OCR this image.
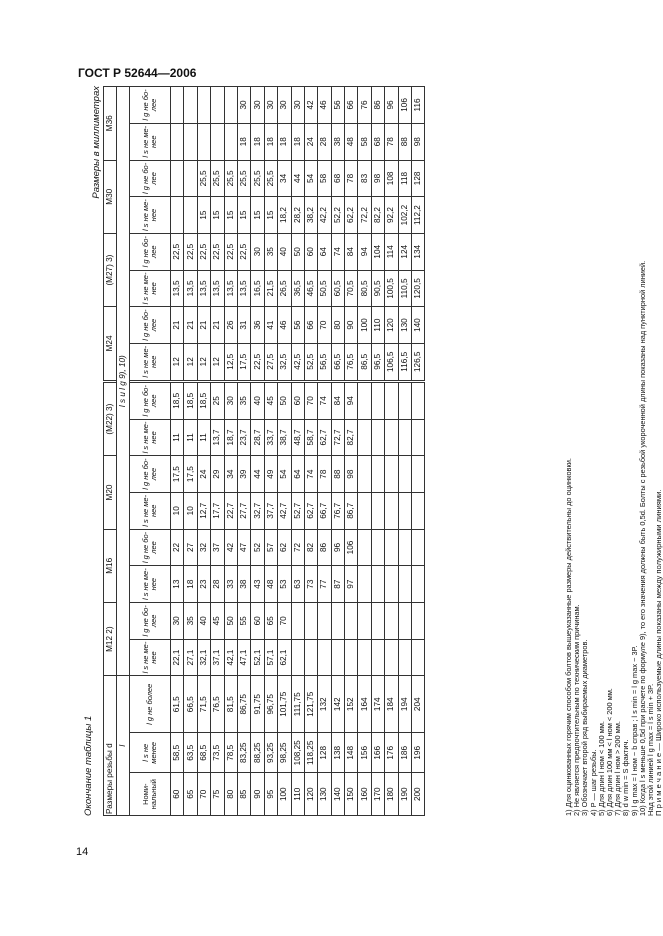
ГОСТ Р 52644—2006
14
Окончание таблицы 1
Размеры в миллиметрах
Размеры резьбы d			M12 2)		M16		M20		(M22) 3)			M24		(M27) 3)		M30		M36	
l			l s и l g 9), 10)																
Номи-нальный	l s не менее	l g не более	l s не ме-нее	l g не бо-лее	l s не ме-нее	l g не бо-лее	l s не ме-нее	l g не бо-лее	l s не ме-нее	l g не бо-лее		l s не ме-нее	l g не бо-лее	l s не ме-нее	l g не бо-лее	l s не ме-нее	l g не бо-лее	l s не ме-нее	l g не бо-лее
60	58,5	61,5	22,1	30	13	22	10	17,5	11	18,5		12	21	13,5	22,5				
65	63,5	66,5	27,1	35	18	27	10	17,5	11	18,5		12	21	13,5	22,5				
70	68,5	71,5	32,1	40	23	32	12,7	24	11	18,5		12	21	13,5	22,5	15	25,5		
75	73,5	76,5	37,1	45	28	37	17,7	29	13,7	25		12	21	13,5	22,5	15	25,5		
80	78,5	81,5	42,1	50	33	42	22,7	34	18,7	30		12,5	26	13,5	22,5	15	25,5		
85	83,25	86,75	47,1	55	38	47	27,7	39	23,7	35		17,5	31	13,5	22,5	15	25,5	18	30
90	88,25	91,75	52,1	60	43	52	32,7	44	28,7	40		22,5	36	16,5	30	15	25,5	18	30
95	93,25	96,75	57,1	65	48	57	37,7	49	33,7	45		27,5	41	21,5	35	15	25,5	18	30
100	98,25	101,75	62,1	70	53	62	42,7	54	38,7	50		32,5	46	26,5	40	18,2	34	18	30
110	108,25	111,75			63	72	52,7	64	48,7	60		42,5	56	36,5	50	28,2	44	18	30
120	118,25	121,75			73	82	62,7	74	58,7	70		52,5	66	46,5	60	38,2	54	24	42
130	128	132			77	86	66,7	78	62,7	74		56,5	70	50,5	64	42,2	58	28	46
140	138	142			87	96	76,7	88	72,7	84		66,5	80	60,5	74	52,2	68	38	56
150	148	152			97	106	86,7	98	82,7	94		76,5	90	70,5	84	62,2	78	48	66
160	156	164										86,5	100	80,5	94	72,2	83	58	76
170	166	174										96,5	110	90,5	104	82,2	98	68	86
180	176	184										106,5	120	100,5	114	92,2	108	78	96
190	186	194										116,5	130	110,5	124	102,2	118	88	106
200	196	204										126,5	140	120,5	134	112,2	128	98	116
1) Для оцинкованных горячим способом болтов вышеуказанные размеры действительны до оцинковки. 2) Не является предпочтительным по техническим причинам. 3) Обозначает второй ряд выбираемых диаметров. 4) P — шаг резьбы. 5) Для длин l ном < 100 мм. 6) Для длин 100 мм < l ном < 200 мм. 7) Для длин l ном > 200 мм. 8) d w min = S фактич. 9) l g max = l ном − b справ ; l s min = l g max − 3P. 10) Когда l s меньше 0,5d при расчете по формуле 9), то его значения должны быть 0,5d. Болты с резьбой укороченной длины показаны над пунктирной линией. Над этой линией l g max = l s min + 3P. П р и м е ч а н и е — Широко используемые длины показаны между полужирными линиями.
